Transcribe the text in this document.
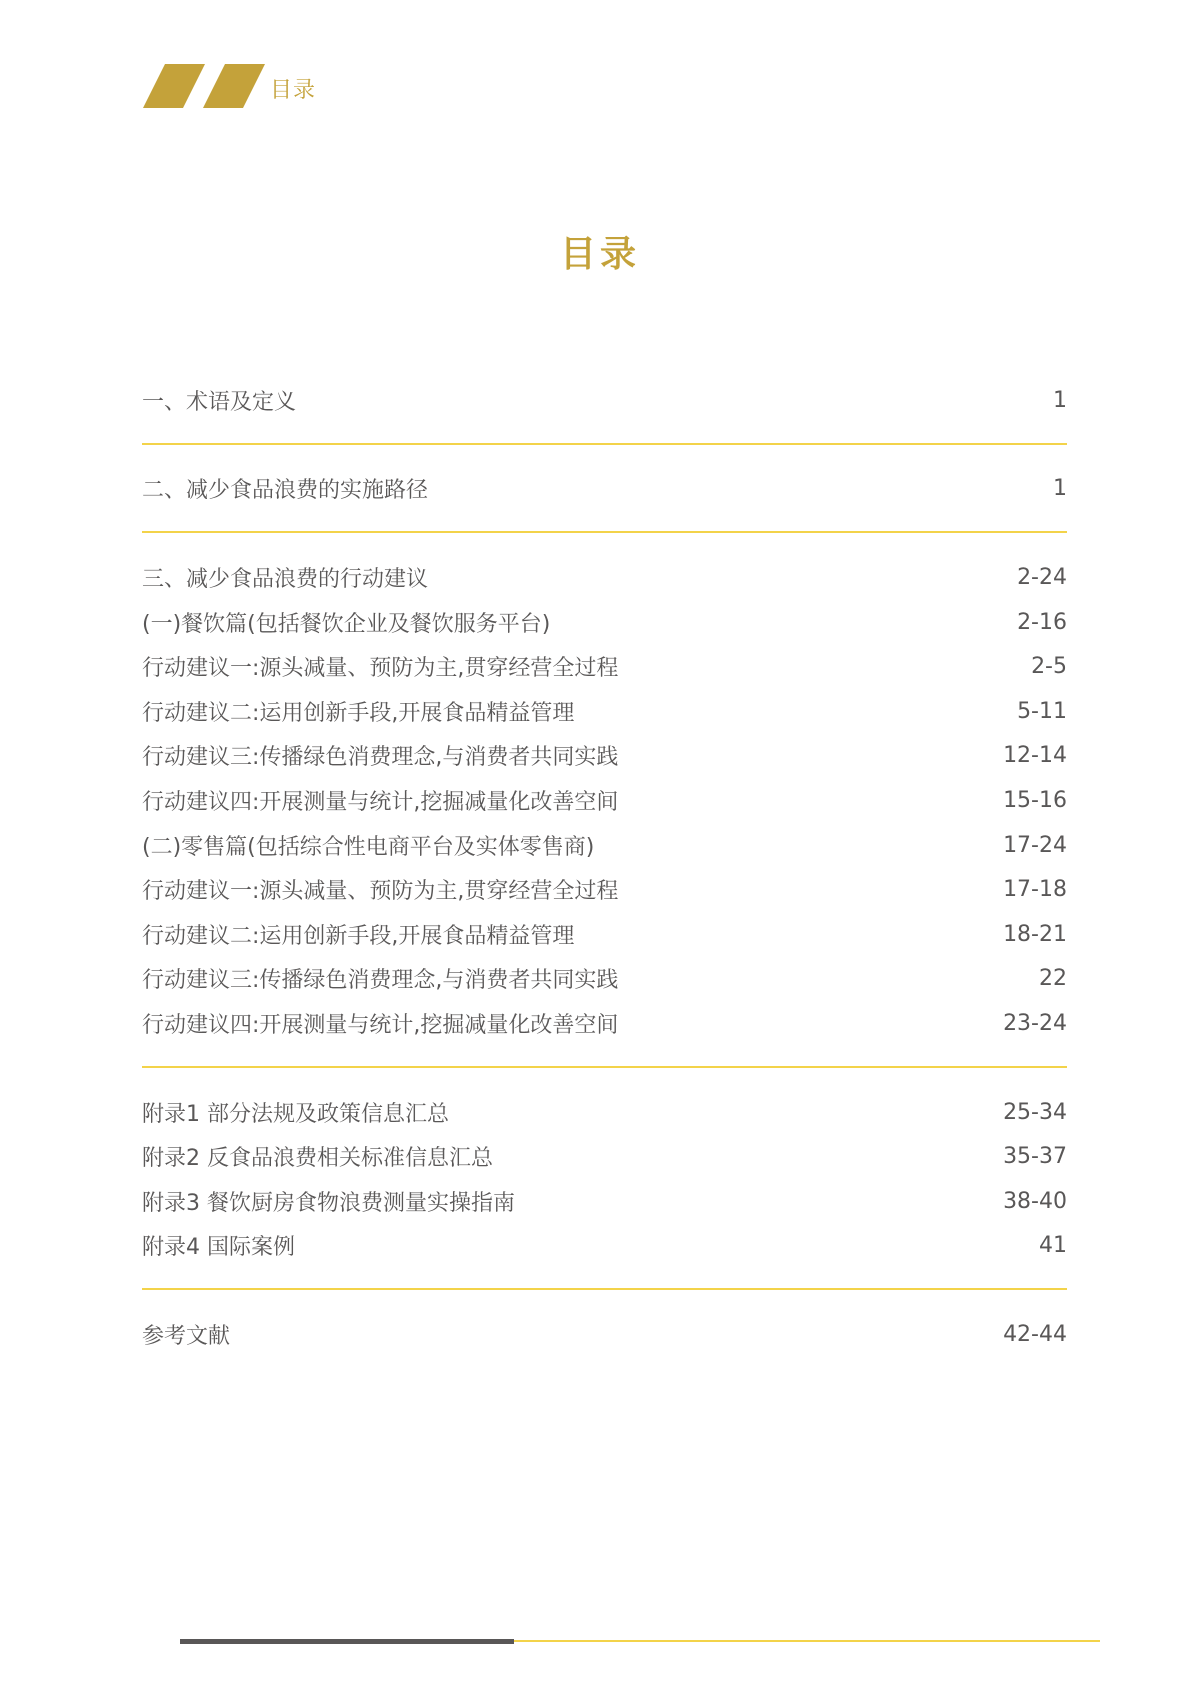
目录
目录
一、术语及定义	1
二、减少食品浪费的实施路径	1
三、减少食品浪费的行动建议	2-24
(一)餐饮篇(包括餐饮企业及餐饮服务平台)	2-16
行动建议一:源头减量、预防为主,贯穿经营全过程	2-5
行动建议二:运用创新手段,开展食品精益管理	5-11
行动建议三:传播绿色消费理念,与消费者共同实践	12-14
行动建议四:开展测量与统计,挖掘减量化改善空间	15-16
(二)零售篇(包括综合性电商平台及实体零售商)	17-24
行动建议一:源头减量、预防为主,贯穿经营全过程	17-18
行动建议二:运用创新手段,开展食品精益管理	18-21
行动建议三:传播绿色消费理念,与消费者共同实践	22
行动建议四:开展测量与统计,挖掘减量化改善空间	23-24
附录1 部分法规及政策信息汇总	25-34
附录2 反食品浪费相关标准信息汇总	35-37
附录3 餐饮厨房食物浪费测量实操指南	38-40
附录4 国际案例	41
参考文献	42-44
